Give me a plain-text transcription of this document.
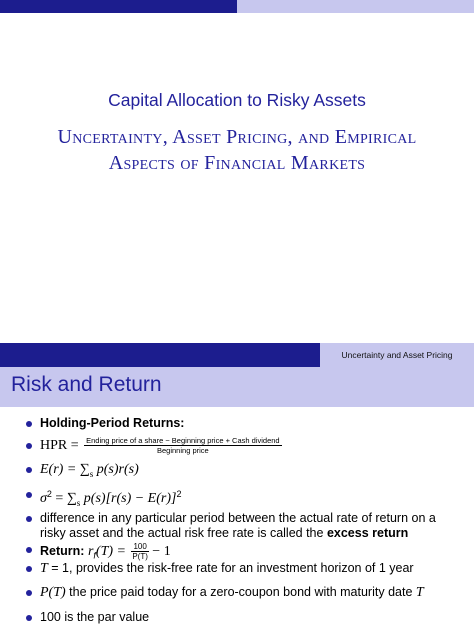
Capital Allocation to Risky Assets
Uncertainty, Asset Pricing, and Empirical
Aspects of Financial Markets
Uncertainty and Asset Pricing
Risk and Return
Holding-Period Returns:
HPR = $\frac{\text{Ending price of a share − Beginning price + Cash dividend}}{\text{Beginning price}}$
$E(r) = \sum_s$ p(s)r(s)
$\sigma^2 = \sum_s$ $p(s)[r(s) - E(r)]^2$
difference in any particular period between the actual rate of return on a risky asset and the actual risk free rate is called the excess return
Return: $r_f(T) = \frac{100}{P(T)} - 1$
T = 1, provides the risk-free rate for an investment horizon of 1 year
P(T) the price paid today for a zero-coupon bond with maturity date T
100 is the par value
